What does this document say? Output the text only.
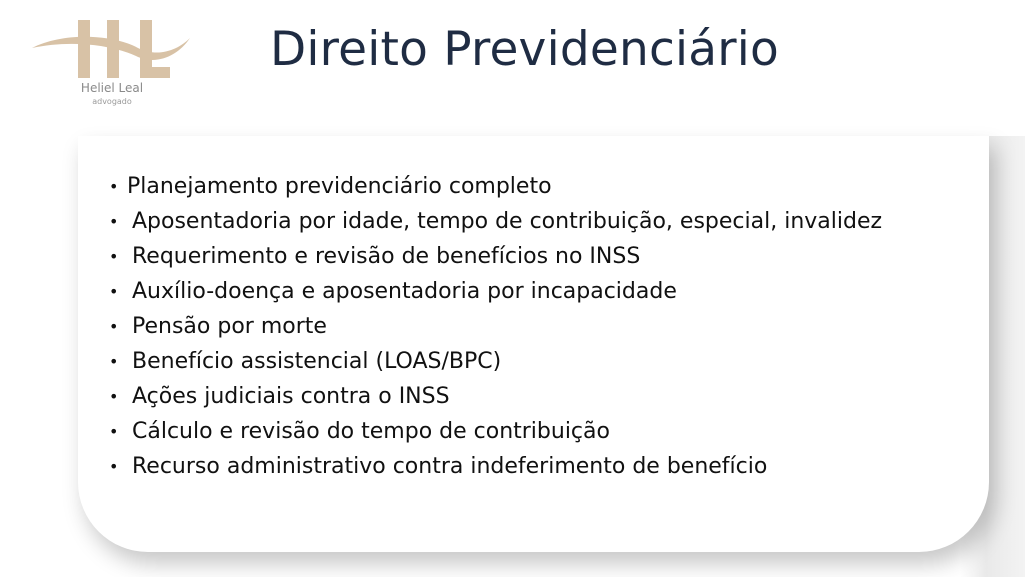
Heliel Leal
advogado
Direito Previdenciário
• Planejamento previdenciário completo
• Aposentadoria por idade, tempo de contribuição, especial, invalidez
• Requerimento e revisão de benefícios no INSS
• Auxílio-doença e aposentadoria por incapacidade
• Pensão por morte
• Benefício assistencial (LOAS/BPC)
• Ações judiciais contra o INSS
• Cálculo e revisão do tempo de contribuição
• Recurso administrativo contra indeferimento de benefício
